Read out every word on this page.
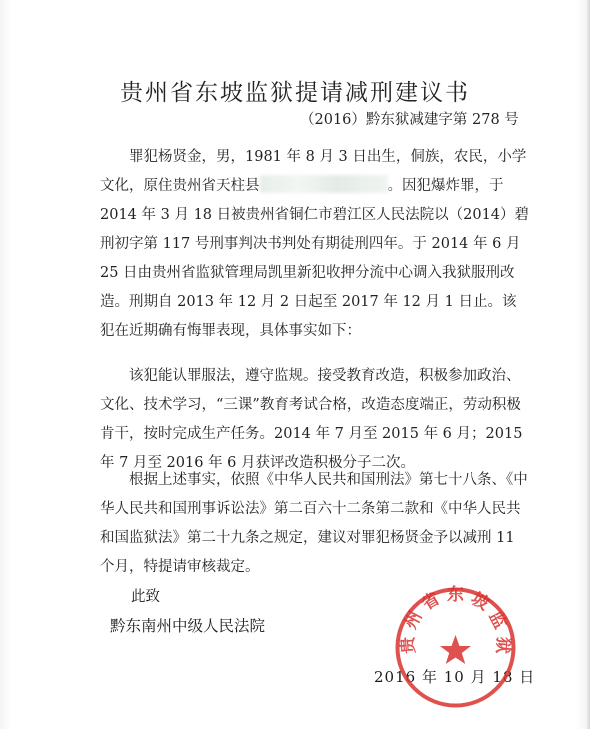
贵州省东坡监狱提请减刑建议书
（2016）黔东狱减建字第 278 号
罪犯杨贤金，男，1981 年 8 月 3 日出生，侗族，农民，小学文化，原住贵州省天柱县	。因犯爆炸罪，于 2014 年 3 月 18 日被贵州省铜仁市碧江区人民法院以（2014）碧刑初字第 117 号刑事判决书判处有期徒刑四年。于 2014 年 6 月 25 日由贵州省监狱管理局凯里新犯收押分流中心调入我狱服刑改造。刑期自 2013 年 12 月 2 日起至 2017 年 12 月 1 日止。该犯在近期确有悔罪表现，具体事实如下：
该犯能认罪服法，遵守监规。接受教育改造，积极参加政治、文化、技术学习，“三课”教育考试合格，改造态度端正，劳动积极肯干，按时完成生产任务。2014 年 7 月至 2015 年 6 月；2015 年 7 月至 2016 年 6 月获评改造积极分子二次。
根据上述事实，依照《中华人民共和国刑法》第七十八条、《中华人民共和国刑事诉讼法》第二百六十二条第二款和《中华人民共和国监狱法》第二十九条之规定，建议对罪犯杨贤金予以减刑 11 个月，特提请审核裁定。
此致
黔东南州中级人民法院
2016 年 10 月 18 日
贵 州 省 东 坡 监 狱
